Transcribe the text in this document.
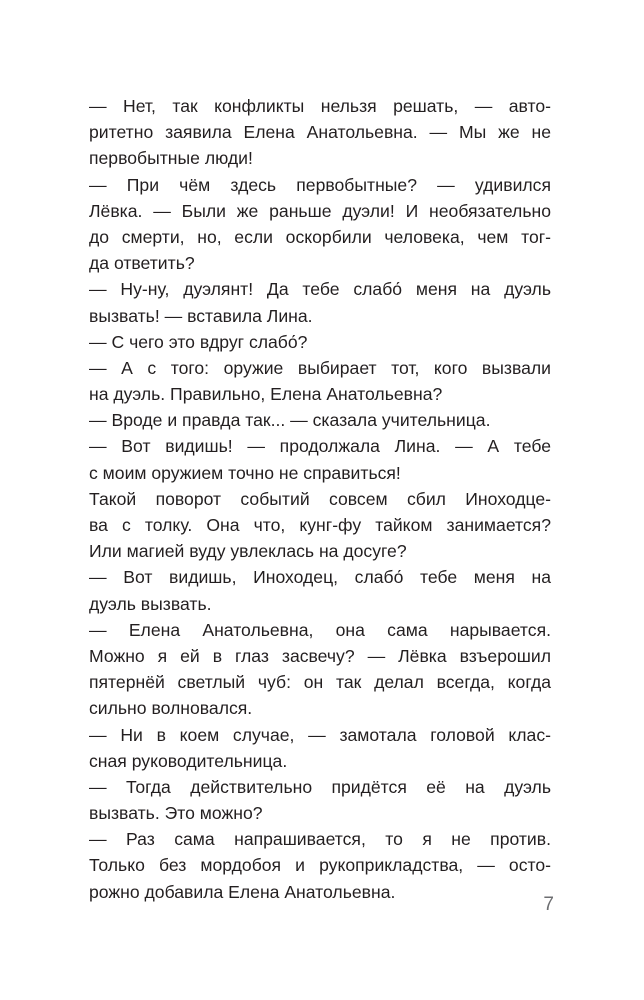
— Нет, так конфликты нельзя решать, — авто-
ритетно заявила Елена Анатольевна. — Мы же не
первобытные люди!
— При чём здесь первобытные? — удивился
Лёвка. — Были же раньше дуэли! И необязательно
до смерти, но, если оскорбили человека, чем тог-
да ответить?
— Ну-ну, дуэлянт! Да тебе слабо́ меня на дуэль
вызвать! — вставила Лина.
— С чего это вдруг слабо́?
— А с того: оружие выбирает тот, кого вызвали
на дуэль. Правильно, Елена Анатольевна?
— Вроде и правда так... — сказала учительница.
— Вот видишь! — продолжала Лина. — А тебе
с моим оружием точно не справиться!
Такой поворот событий совсем сбил Иноходце-
ва с толку. Она что, кунг-фу тайком занимается?
Или магией вуду увлеклась на досуге?
— Вот видишь, Иноходец, слабо́ тебе меня на
дуэль вызвать.
— Елена Анатольевна, она сама нарывается.
Можно я ей в глаз засвечу? — Лёвка взъерошил
пятернёй светлый чуб: он так делал всегда, когда
сильно волновался.
— Ни в коем случае, — замотала головой клас-
сная руководительница.
— Тогда действительно придётся её на дуэль
вызвать. Это можно?
— Раз сама напрашивается, то я не против.
Только без мордобоя и рукоприкладства, — осто-
рожно добавила Елена Анатольевна.
7
